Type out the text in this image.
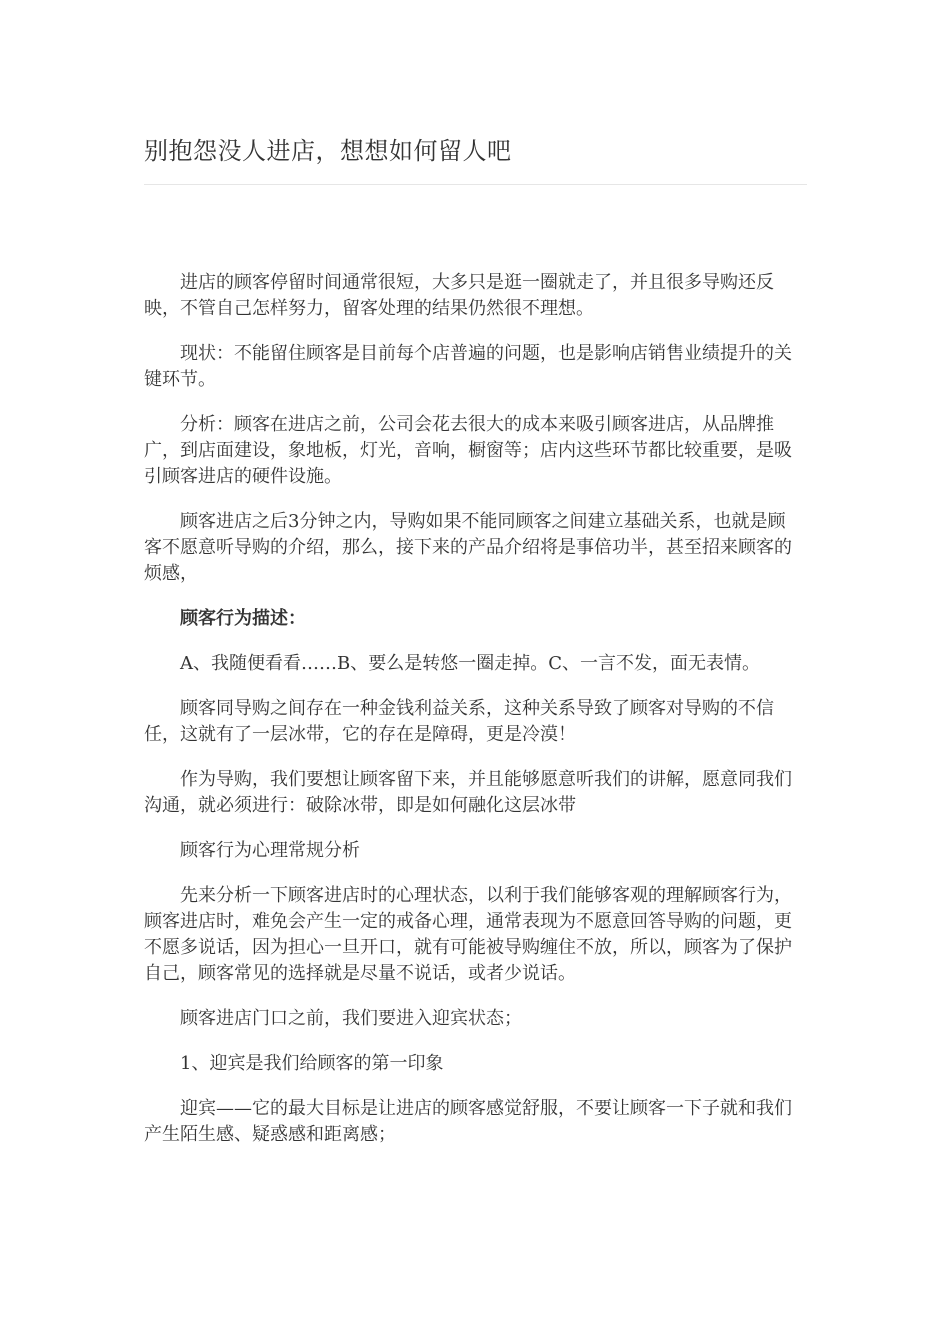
别抱怨没人进店，想想如何留人吧

进店的顾客停留时间通常很短，大多只是逛一圈就走了，并且很多导购还反映，不管自己怎样努力，留客处理的结果仍然很不理想。

现状：不能留住顾客是目前每个店普遍的问题，也是影响店销售业绩提升的关键环节。

分析：顾客在进店之前，公司会花去很大的成本来吸引顾客进店，从品牌推广，到店面建设，象地板，灯光，音响，橱窗等；店内这些环节都比较重要，是吸引顾客进店的硬件设施。

顾客进店之后3分钟之内，导购如果不能同顾客之间建立基础关系，也就是顾客不愿意听导购的介绍，那么，接下来的产品介绍将是事倍功半，甚至招来顾客的烦感，

顾客行为描述：

A、我随便看看……B、要么是转悠一圈走掉。C、一言不发，面无表情。

顾客同导购之间存在一种金钱利益关系，这种关系导致了顾客对导购的不信任，这就有了一层冰带，它的存在是障碍，更是冷漠！

作为导购，我们要想让顾客留下来，并且能够愿意听我们的讲解，愿意同我们沟通，就必须进行：破除冰带，即是如何融化这层冰带

顾客行为心理常规分析

先来分析一下顾客进店时的心理状态，以利于我们能够客观的理解顾客行为，顾客进店时，难免会产生一定的戒备心理，通常表现为不愿意回答导购的问题，更不愿多说话，因为担心一旦开口，就有可能被导购缠住不放，所以，顾客为了保护自己，顾客常见的选择就是尽量不说话，或者少说话。

顾客进店门口之前，我们要进入迎宾状态；

1、迎宾是我们给顾客的第一印象

迎宾——它的最大目标是让进店的顾客感觉舒服，不要让顾客一下子就和我们产生陌生感、疑惑感和距离感；
